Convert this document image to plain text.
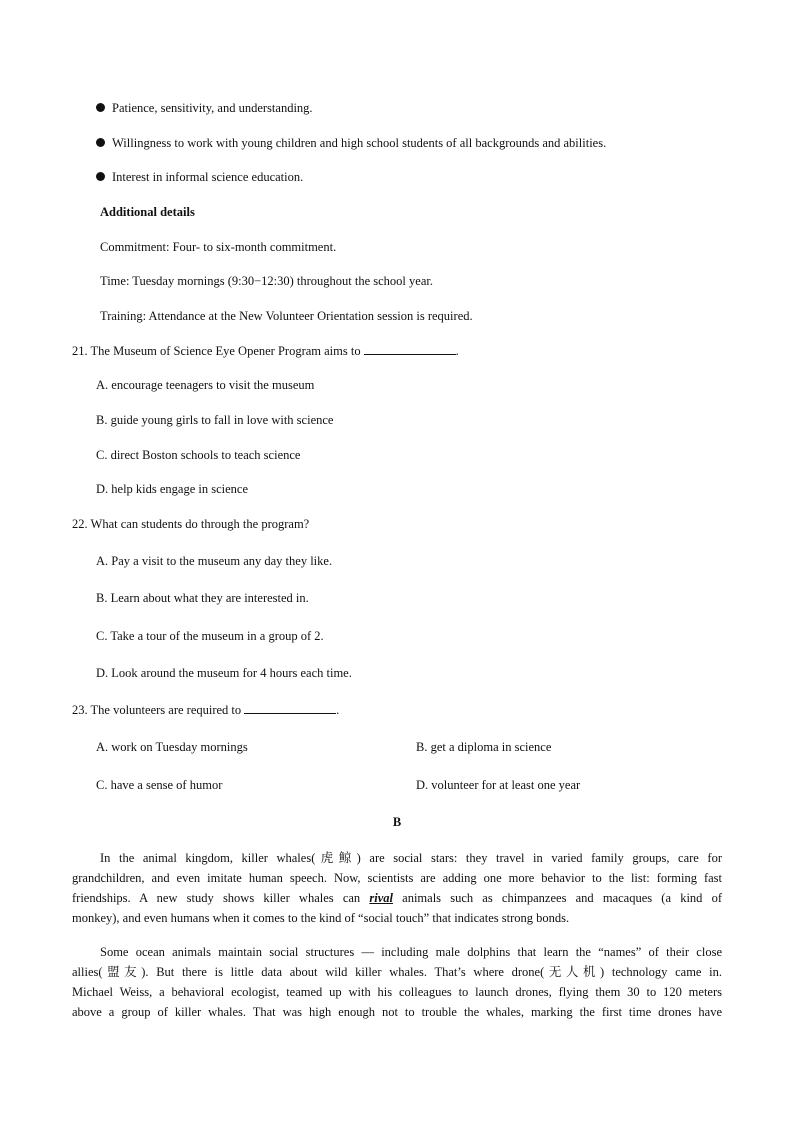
Patience, sensitivity, and understanding.
Willingness to work with young children and high school students of all backgrounds and abilities.
Interest in informal science education.
Additional details
Commitment: Four- to six-month commitment.
Time: Tuesday mornings (9:30−12:30) throughout the school year.
Training: Attendance at the New Volunteer Orientation session is required.
21. The Museum of Science Eye Opener Program aims to	.
A. encourage teenagers to visit the museum
B. guide young girls to fall in love with science
C. direct Boston schools to teach science
D. help kids engage in science
22. What can students do through the program?
A. Pay a visit to the museum any day they like.
B. Learn about what they are interested in.
C. Take a tour of the museum in a group of 2.
D. Look around the museum for 4 hours each time.
23. The volunteers are required to	.
A. work on Tuesday mornings	B. get a diploma in science
C. have a sense of humor	D. volunteer for at least one year
B
In the animal kingdom, killer whales(虎鲸) are social stars: they travel in varied family groups, care for
grandchildren, and even imitate human speech. Now, scientists are adding one more behavior to the list: forming fast
friendships. A new study shows killer whales can rival animals such as chimpanzees and macaques (a kind of
monkey), and even humans when it comes to the kind of “social touch” that indicates strong bonds.
Some ocean animals maintain social structures — including male dolphins that learn the “names” of their close
allies(盟友). But there is little data about wild killer whales. That’s where drone(无人机) technology came in.
Michael Weiss, a behavioral ecologist, teamed up with his colleagues to launch drones, flying them 30 to 120 meters
above a group of killer whales. That was high enough not to trouble the whales, marking the first time drones have
